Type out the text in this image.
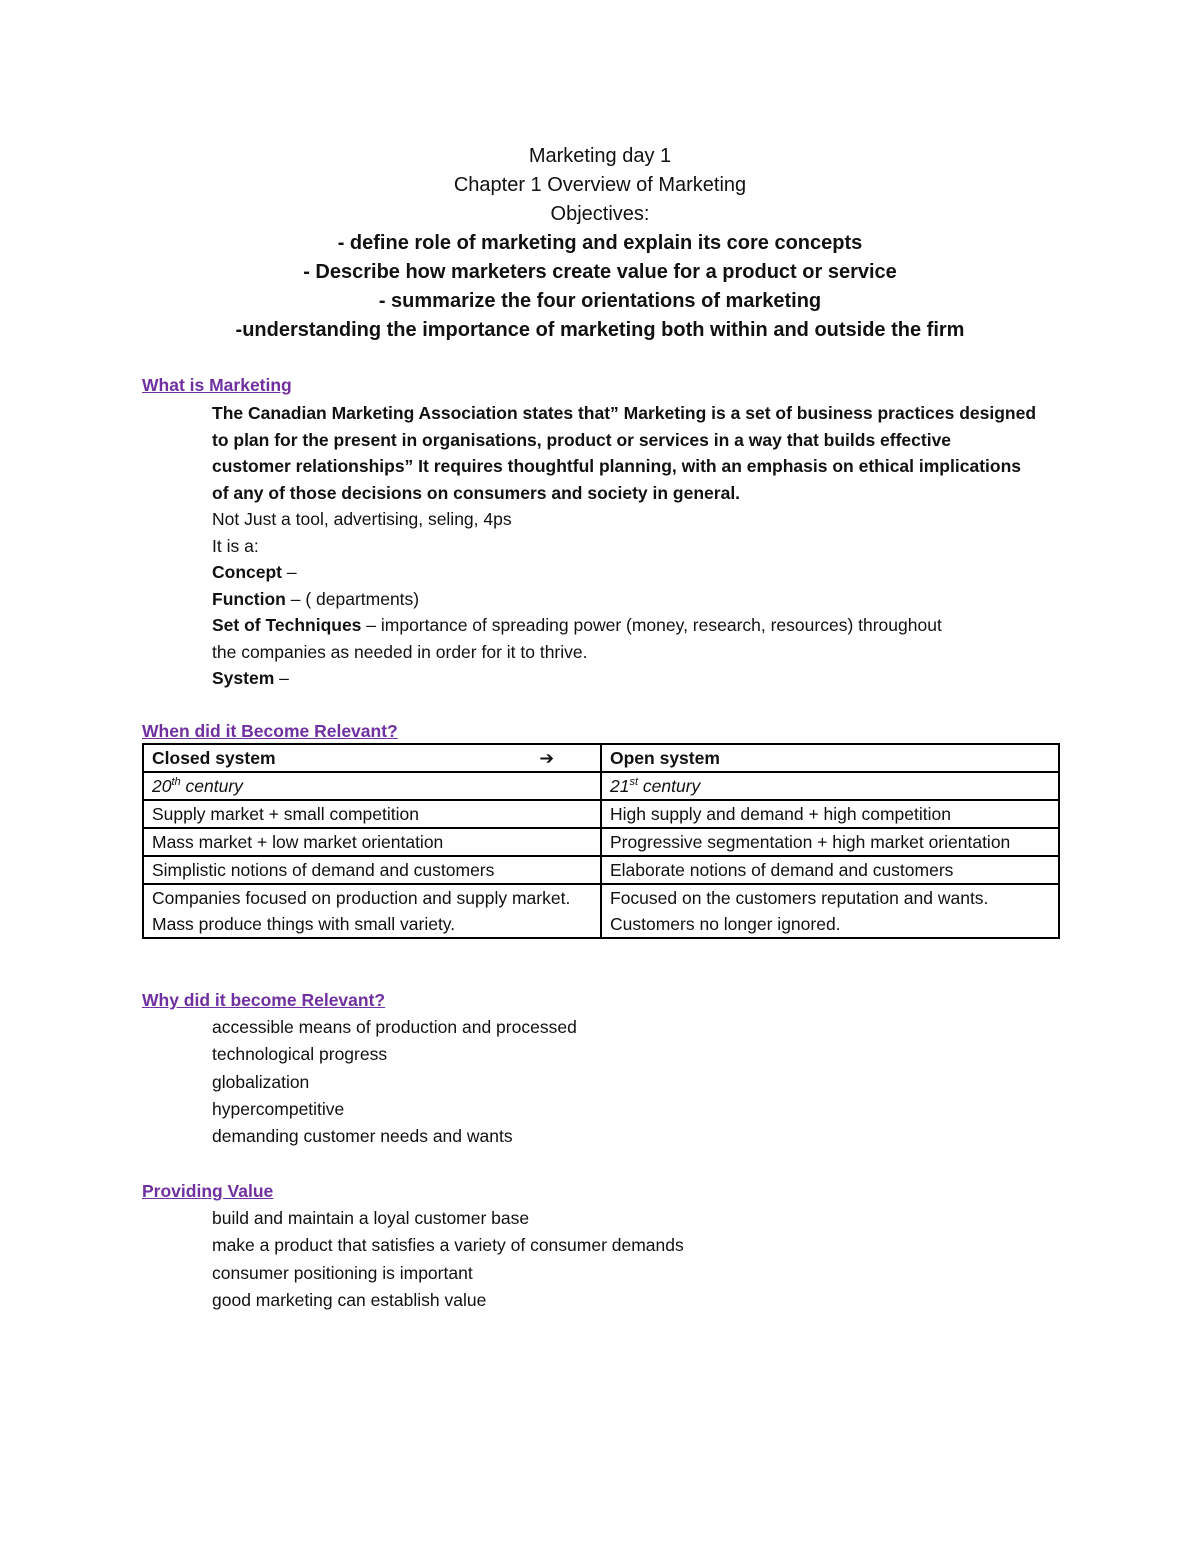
Marketing day 1
Chapter 1 Overview of Marketing
Objectives:
- define role of marketing and explain its core concepts
- Describe how marketers create value for a product or service
- summarize the four orientations of marketing
-understanding the importance of marketing both within and outside the firm
What is Marketing
The Canadian Marketing Association states that” Marketing is a set of business practices designed
to plan for the present in organisations, product or services in a way that builds effective
customer relationships” It requires thoughtful planning, with an emphasis on ethical implications
of any of those decisions on consumers and society in general.
Not Just a tool, advertising, seling, 4ps
It is a:
Concept –
Function – ( departments)
Set of Techniques – importance of spreading power (money, research, resources) throughout
the companies as needed in order for it to thrive.
System –
When did it Become Relevant?
Closed system ➔	Open system
20th century	21st century
Supply market + small competition	High supply and demand + high competition
Mass market + low market orientation	Progressive segmentation + high market orientation
Simplistic notions of demand and customers	Elaborate notions of demand and customers
Companies focused on production and supply market. Mass produce things with small variety.	Focused on the customers reputation and wants. Customers no longer ignored.
Why did it become Relevant?
accessible means of production and processed
technological progress
globalization
hypercompetitive
demanding customer needs and wants
Providing Value
build and maintain a loyal customer base
make a product that satisfies a variety of consumer demands
consumer positioning is important
good marketing can establish value
